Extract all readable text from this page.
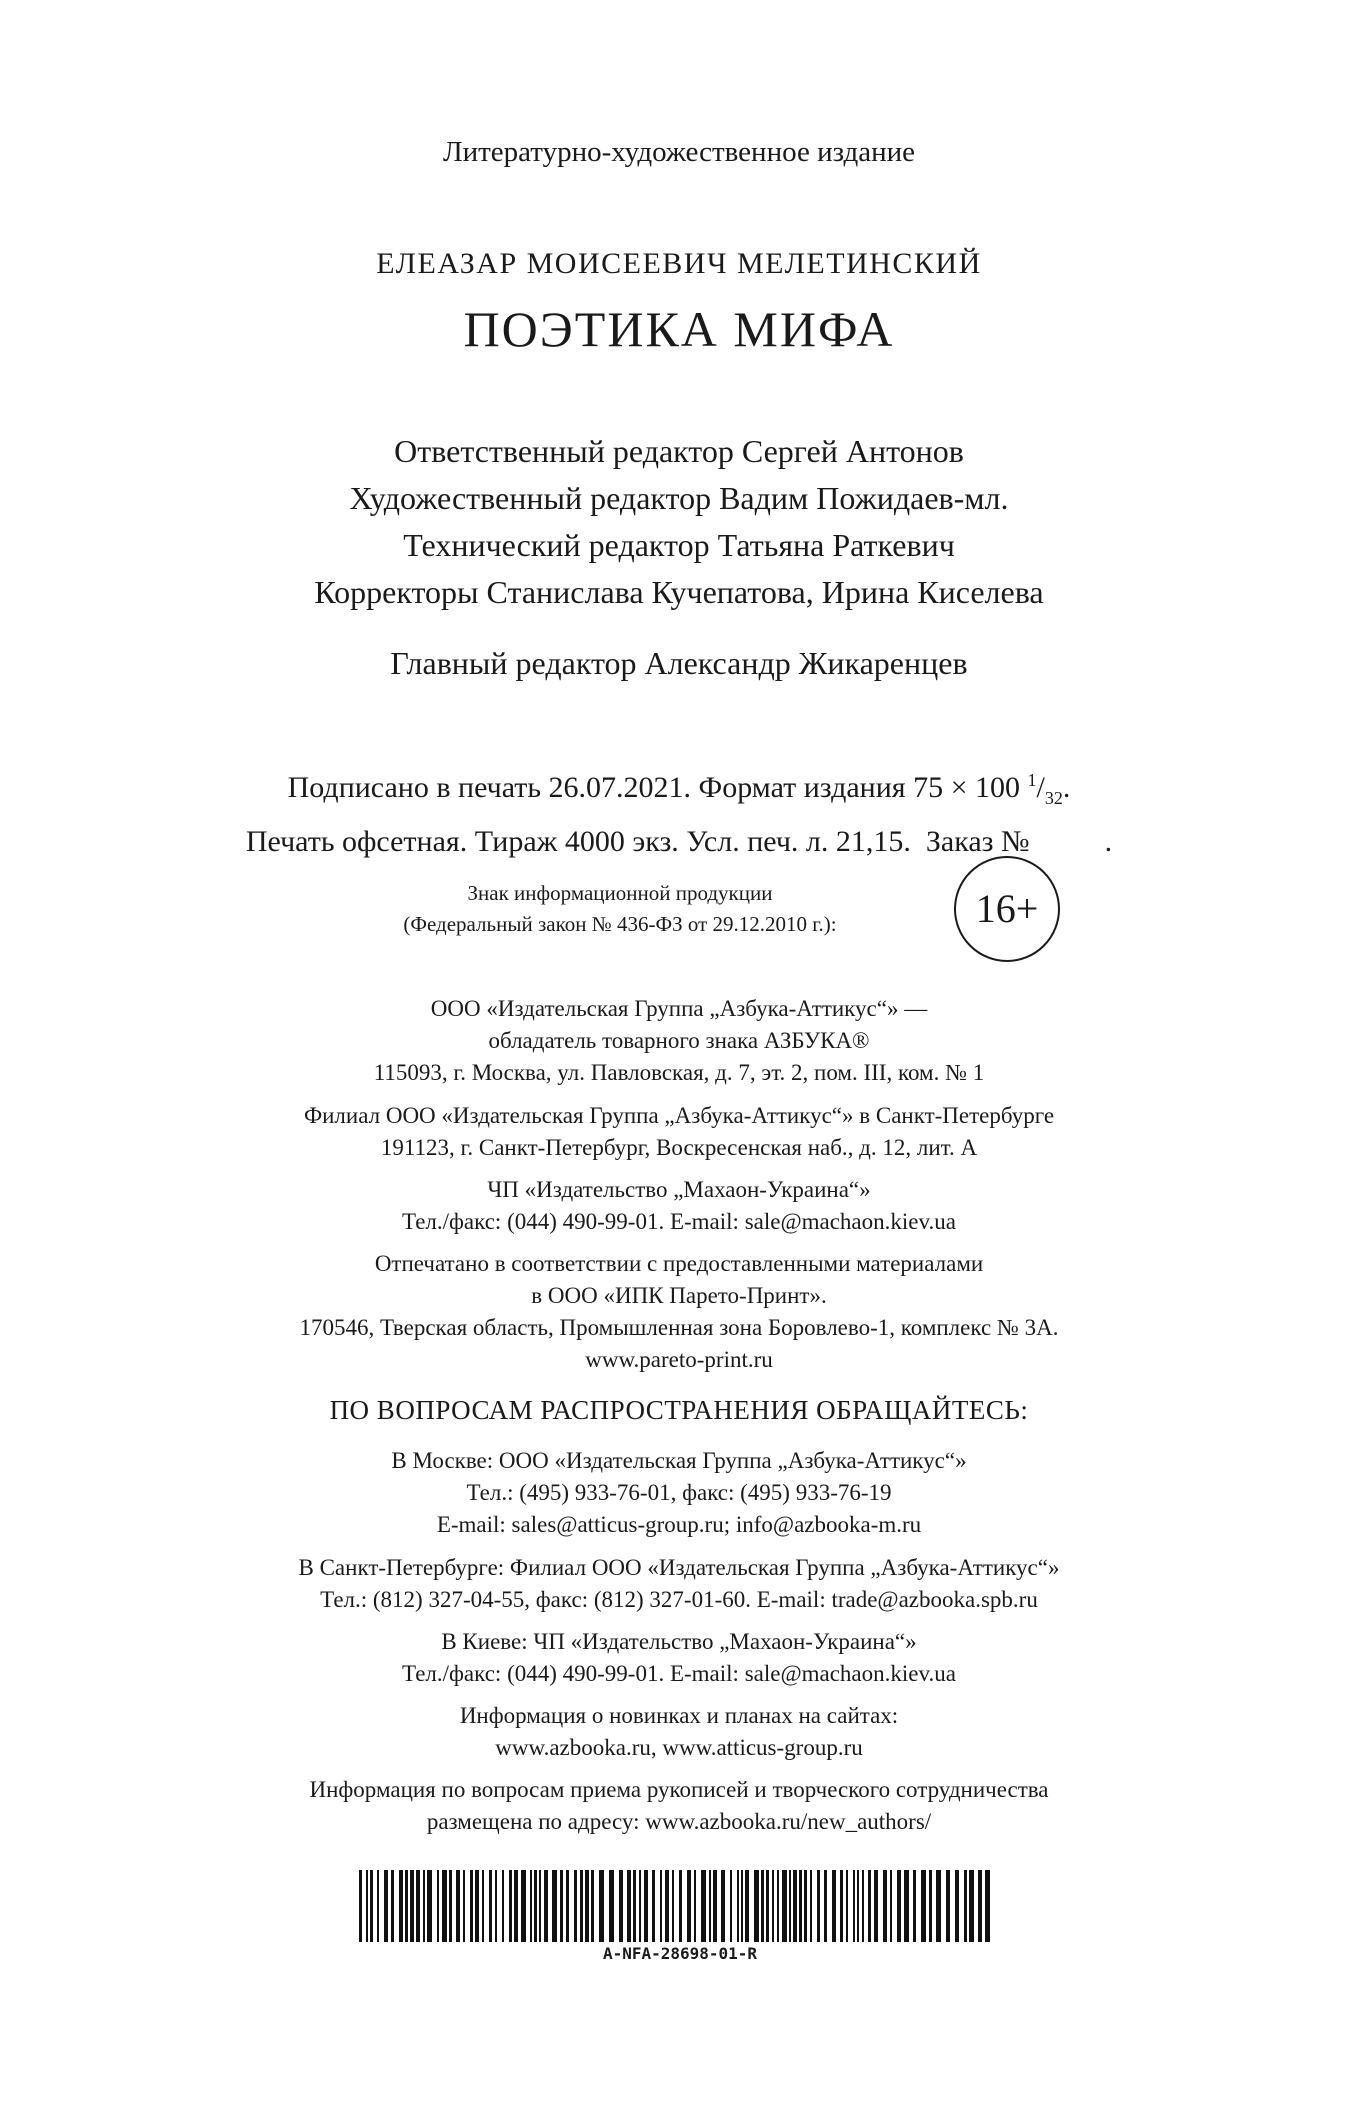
Литературно-художественное издание
ЕЛЕАЗАР МОИСЕЕВИЧ МЕЛЕТИНСКИЙ
ПОЭТИКА МИФА
Ответственный редактор Сергей Антонов
Художественный редактор Вадим Пожидаев-мл.
Технический редактор Татьяна Раткевич
Корректоры Станислава Кучепатова, Ирина Киселева
Главный редактор Александр Жикаренцев
Подписано в печать 26.07.2021. Формат издания 75 × 100 $^1/_{32}$.
Печать офсетная. Тираж 4000 экз. Усл. печ. л. 21,15.  Заказ №          .
Знак информационной продукции
(Федеральный закон № 436-ФЗ от 29.12.2010 г.):	16+
ООО «Издательская Группа „Азбука-Аттикус“» —
обладатель товарного знака АЗБУКА®
115093, г. Москва, ул. Павловская, д. 7, эт. 2, пом. III, ком. № 1
Филиал ООО «Издательская Группа „Азбука-Аттикус“» в Санкт-Петербурге
191123, г. Санкт-Петербург, Воскресенская наб., д. 12, лит. А
ЧП «Издательство „Махаон-Украина“»
Тел./факс: (044) 490-99-01. E-mail: sale@machaon.kiev.ua
Отпечатано в соответствии с предоставленными материалами
в ООО «ИПК Парето-Принт».
170546, Тверская область, Промышленная зона Боровлево-1, комплекс № 3А.
www.pareto-print.ru
ПО ВОПРОСАМ РАСПРОСТРАНЕНИЯ ОБРАЩАЙТЕСЬ:
В Москве: ООО «Издательская Группа „Азбука-Аттикус“»
Тел.: (495) 933-76-01, факс: (495) 933-76-19
E-mail: sales@atticus-group.ru; info@azbooka-m.ru
В Санкт-Петербурге: Филиал ООО «Издательская Группа „Азбука-Аттикус“»
Тел.: (812) 327-04-55, факс: (812) 327-01-60. E-mail: trade@azbooka.spb.ru
В Киеве: ЧП «Издательство „Махаон-Украина“»
Тел./факс: (044) 490-99-01. E-mail: sale@machaon.kiev.ua
Информация о новинках и планах на сайтах:
www.azbooka.ru, www.atticus-group.ru
Информация по вопросам приема рукописей и творческого сотрудничества
размещена по адресу: www.azbooka.ru/new_authors/
A-NFA-28698-01-R
